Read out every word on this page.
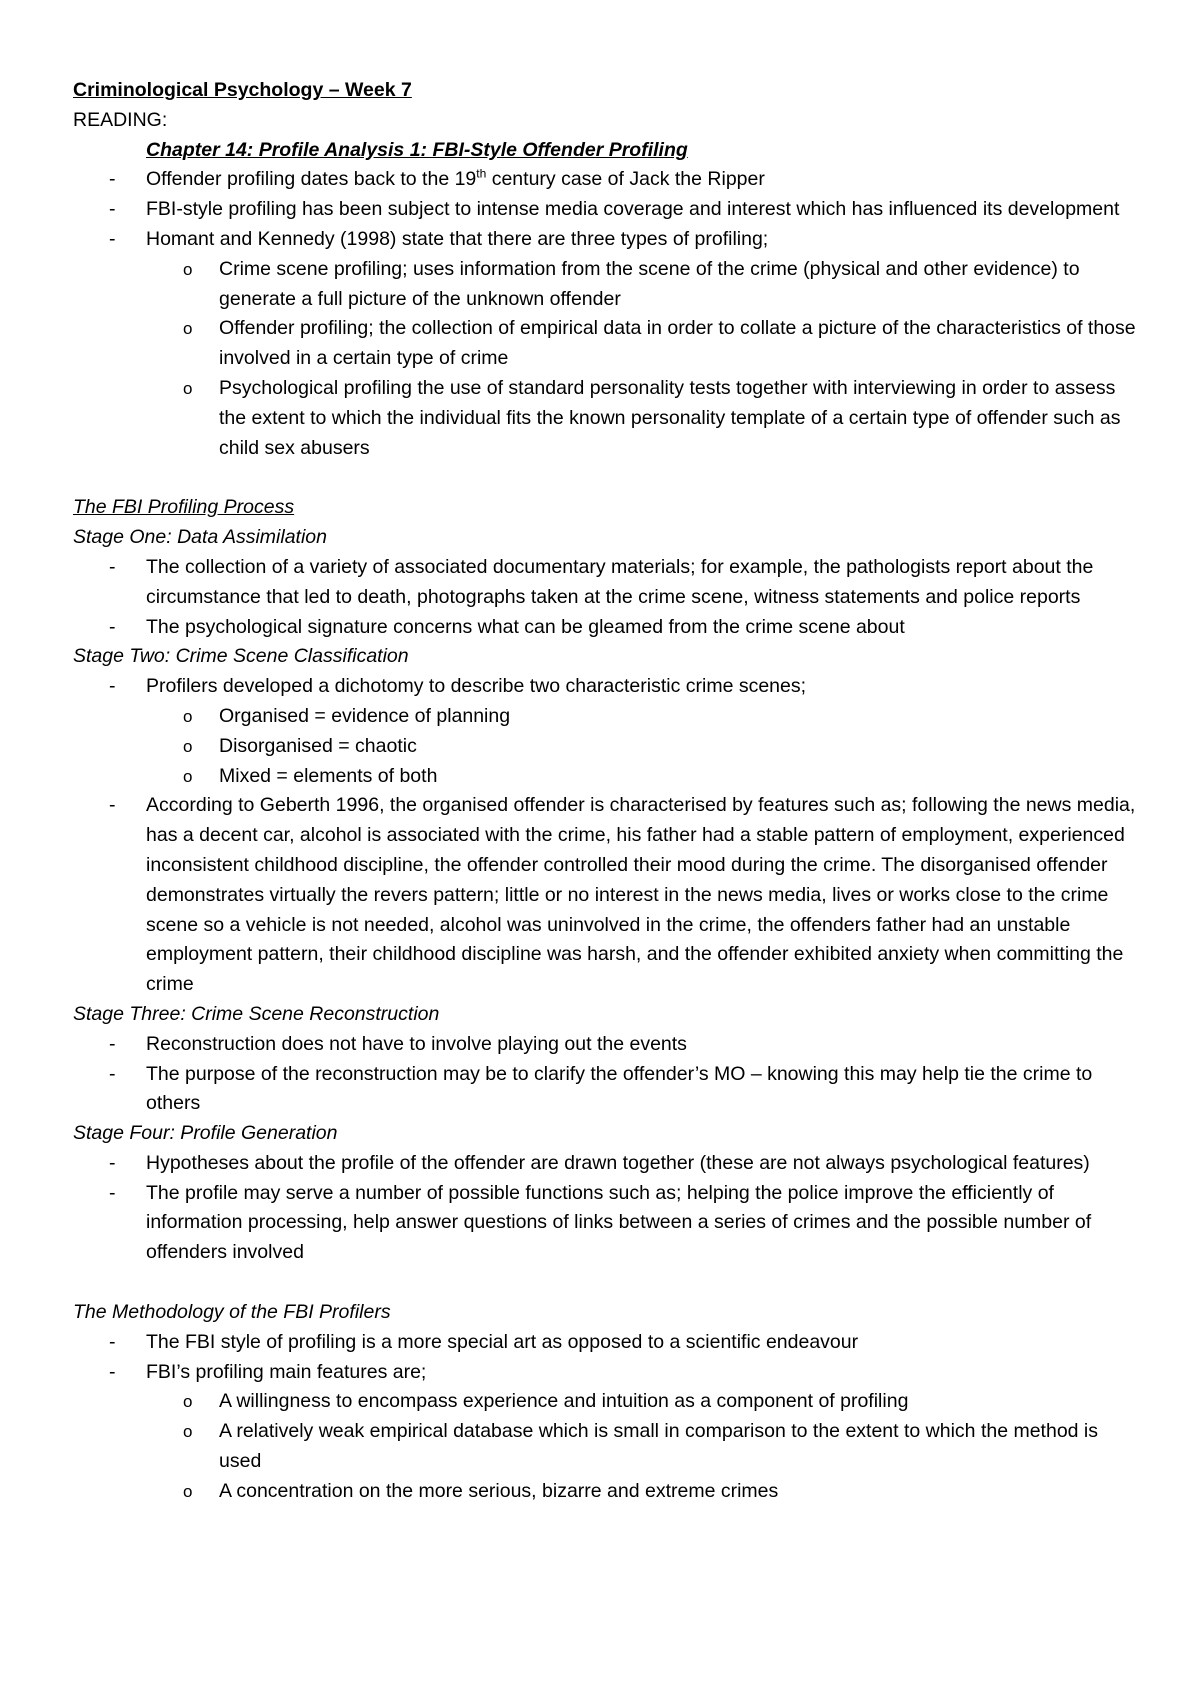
Criminological Psychology – Week 7

READING:

Chapter 14: Profile Analysis 1: FBI-Style Offender Profiling

- Offender profiling dates back to the 19th century case of Jack the Ripper
- FBI-style profiling has been subject to intense media coverage and interest which has influenced its development
- Homant and Kennedy (1998) state that there are three types of profiling;
o Crime scene profiling; uses information from the scene of the crime (physical and other evidence) to generate a full picture of the unknown offender
o Offender profiling; the collection of empirical data in order to collate a picture of the characteristics of those involved in a certain type of crime
o Psychological profiling the use of standard personality tests together with interviewing in order to assess the extent to which the individual fits the known personality template of a certain type of offender such as child sex abusers

The FBI Profiling Process

Stage One: Data Assimilation

- The collection of a variety of associated documentary materials; for example, the pathologists report about the circumstance that led to death, photographs taken at the crime scene, witness statements and police reports
- The psychological signature concerns what can be gleamed from the crime scene about

Stage Two: Crime Scene Classification

- Profilers developed a dichotomy to describe two characteristic crime scenes;
o Organised = evidence of planning
o Disorganised = chaotic
o Mixed = elements of both
- According to Geberth 1996, the organised offender is characterised by features such as; following the news media, has a decent car, alcohol is associated with the crime, his father had a stable pattern of employment, experienced inconsistent childhood discipline, the offender controlled their mood during the crime. The disorganised offender demonstrates virtually the revers pattern; little or no interest in the news media, lives or works close to the crime scene so a vehicle is not needed, alcohol was uninvolved in the crime, the offenders father had an unstable employment pattern, their childhood discipline was harsh, and the offender exhibited anxiety when committing the crime

Stage Three: Crime Scene Reconstruction

- Reconstruction does not have to involve playing out the events
- The purpose of the reconstruction may be to clarify the offender’s MO – knowing this may help tie the crime to others

Stage Four: Profile Generation

- Hypotheses about the profile of the offender are drawn together (these are not always psychological features)
- The profile may serve a number of possible functions such as; helping the police improve the efficiently of information processing, help answer questions of links between a series of crimes and the possible number of offenders involved

The Methodology of the FBI Profilers

- The FBI style of profiling is a more special art as opposed to a scientific endeavour
- FBI’s profiling main features are;
o A willingness to encompass experience and intuition as a component of profiling
o A relatively weak empirical database which is small in comparison to the extent to which the method is used
o A concentration on the more serious, bizarre and extreme crimes
